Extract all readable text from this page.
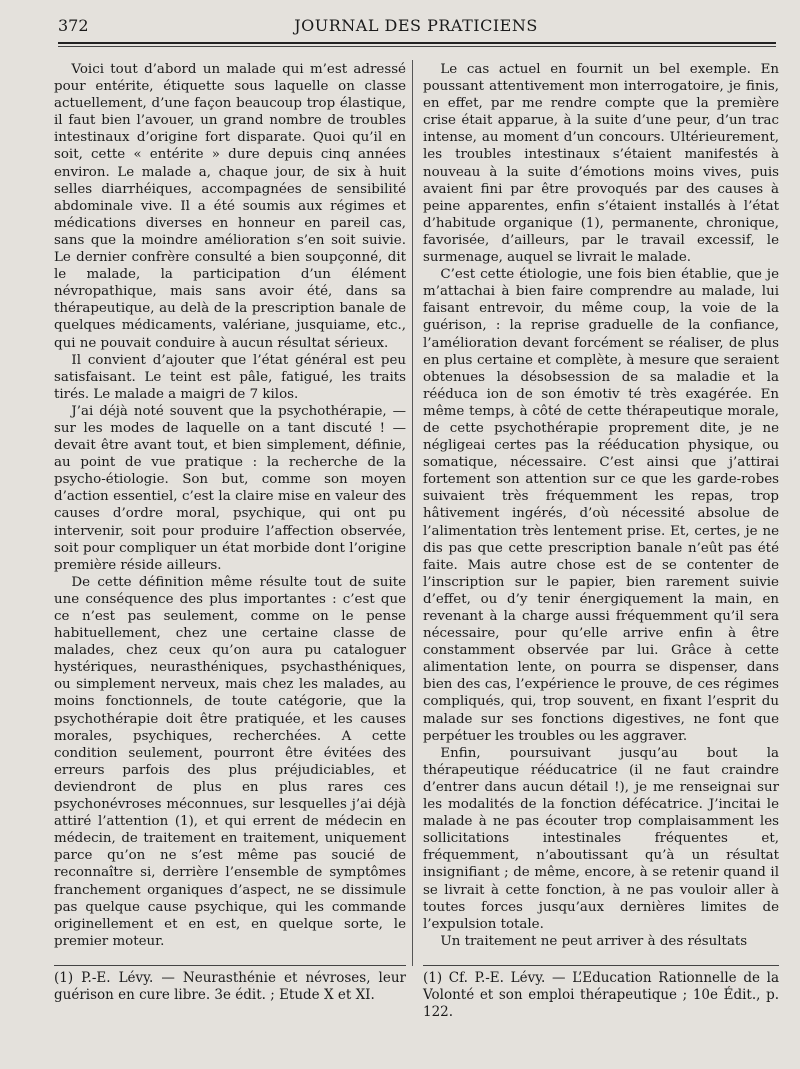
372	JOURNAL DES PRATICIENS

Voici tout d’abord un malade qui m’est adressé pour entérite, étiquette sous laquelle on classe actuellement, d’une façon beaucoup trop élastique, il faut bien l’avouer, un grand nombre de troubles intestinaux d’origine fort disparate. Quoi qu’il en soit, cette « entérite » dure depuis cinq années environ. Le malade a, chaque jour, de six à huit selles diarrhéiques, accompagnées de sensibilité abdominale vive. Il a été soumis aux régimes et médications diverses en honneur en pareil cas, sans que la moindre amélioration s’en soit suivie. Le dernier confrère consulté a bien soupçonné, dit le malade, la participation d’un élément névropathique, mais sans avoir été, dans sa thérapeutique, au delà de la prescription banale de quelques médicaments, valériane, jusquiame, etc., qui ne pouvait conduire à aucun résultat sérieux.

Il convient d’ajouter que l’état général est peu satisfaisant. Le teint est pâle, fatigué, les traits tirés. Le malade a maigri de 7 kilos.

J’ai déjà noté souvent que la psychothérapie, — sur les modes de laquelle on a tant discuté ! — devait être avant tout, et bien simplement, définie, au point de vue pratique : la recherche de la psycho-étiologie. Son but, comme son moyen d’action essentiel, c’est la claire mise en valeur des causes d’ordre moral, psychique, qui ont pu intervenir, soit pour produire l’affection observée, soit pour compliquer un état morbide dont l’origine première réside ailleurs.

De cette définition même résulte tout de suite une conséquence des plus importantes : c’est que ce n’est pas seulement, comme on le pense habituellement, chez une certaine classe de malades, chez ceux qu’on aura pu cataloguer hystériques, neurasthéniques, psychasthéniques, ou simplement nerveux, mais chez les malades, au moins fonctionnels, de toute catégorie, que la psychothérapie doit être pratiquée, et les causes morales, psychiques, recherchées. A cette condition seulement, pourront être évitées des erreurs parfois des plus préjudiciables, et deviendront de plus en plus rares ces psychonévroses méconnues, sur lesquelles j’ai déjà attiré l’attention (1), et qui errent de médecin en médecin, de traitement en traitement, uniquement parce qu’on ne s’est même pas soucié de reconnaître si, derrière l’ensemble de symptômes franchement organiques d’aspect, ne se dissimule pas quelque cause psychique, qui les commande originellement et en est, en quelque sorte, le premier moteur.

Le cas actuel en fournit un bel exemple. En poussant attentivement mon interrogatoire, je finis, en effet, par me rendre compte que la première crise était apparue, à la suite d’une peur, d’un trac intense, au moment d’un concours. Ultérieurement, les troubles intestinaux s’étaient manifestés à nouveau à la suite d’émotions moins vives, puis avaient fini par être provoqués par des causes à peine apparentes, enfin s’étaient installés à l’état d’habitude organique (1), permanente, chronique, favorisée, d’ailleurs, par le travail excessif, le surmenage, auquel se livrait le malade.

C’est cette étiologie, une fois bien établie, que je m’attachai à bien faire comprendre au malade, lui faisant entrevoir, du même coup, la voie de la guérison, : la reprise graduelle de la confiance, l’amélioration devant forcément se réaliser, de plus en plus certaine et complète, à mesure que seraient obtenues la désobsession de sa maladie et la rééduca ion de son émotiv té très exagérée. En même temps, à côté de cette thérapeutique morale, de cette psychothérapie proprement dite, je ne négligeai certes pas la rééducation physique, ou somatique, nécessaire. C’est ainsi que j’attirai fortement son attention sur ce que les garde-robes suivaient très fréquemment les repas, trop hâtivement ingérés, d’où nécessité absolue de l’alimentation très lentement prise. Et, certes, je ne dis pas que cette prescription banale n’eût pas été faite. Mais autre chose est de se contenter de l’inscription sur le papier, bien rarement suivie d’effet, ou d’y tenir énergiquement la main, en revenant à la charge aussi fréquemment qu’il sera nécessaire, pour qu’elle arrive enfin à être constamment observée par lui. Grâce à cette alimentation lente, on pourra se dispenser, dans bien des cas, l’expérience le prouve, de ces régimes compliqués, qui, trop souvent, en fixant l’esprit du malade sur ses fonctions digestives, ne font que perpétuer les troubles ou les aggraver.

Enfin, poursuivant jusqu’au bout la thérapeutique rééducatrice (il ne faut craindre d’entrer dans aucun détail !), je me renseignai sur les modalités de la fonction défécatrice. J’incitai le malade à ne pas écouter trop complaisamment les sollicitations intestinales fréquentes et, fréquemment, n’aboutissant qu’à un résultat insignifiant ; de même, encore, à se retenir quand il se livrait à cette fonction, à ne pas vouloir aller à toutes forces jusqu’aux dernières limites de l’expulsion totale.

Un traitement ne peut arriver à des résultats

(1) P.-E. Lévy. — Neurasthénie et névroses, leur guérison en cure libre. 3e édit. ; Etude X et XI.
(1) Cf. P.-E. Lévy. — L’Education Rationnelle de la Volonté et son emploi thérapeutique ; 10e Édit., p. 122.
